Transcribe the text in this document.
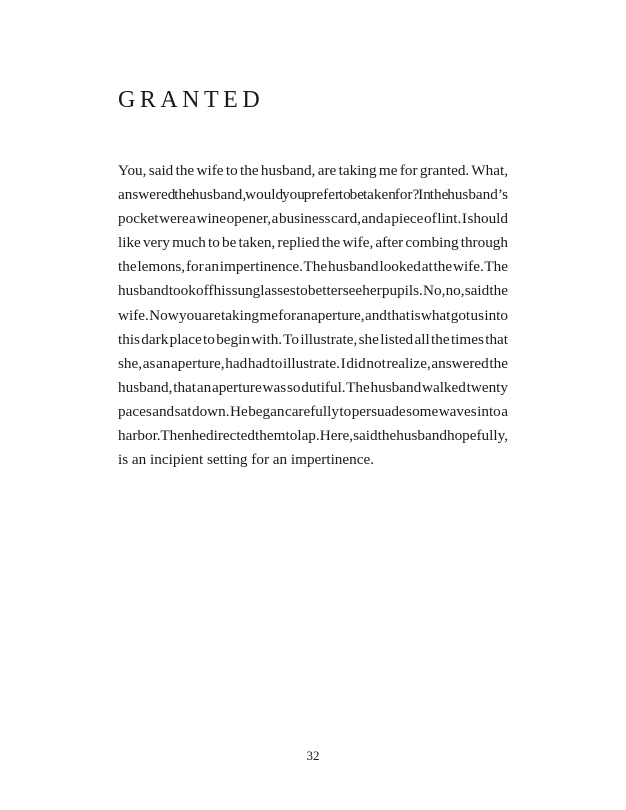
GRANTED
You, said the wife to the husband, are taking me for granted. What,
answered the husband, would you prefer to be taken for? In the husband’s
pocket were a wine opener, a business card, and a piece of lint. I should
like very much to be taken, replied the wife, after combing through
the lemons, for an impertinence. The husband looked at the wife. The
husband took off his sunglasses to better see her pupils. No, no, said the
wife. Now you are taking me for an aperture, and that is what got us into
this dark place to begin with. To illustrate, she listed all the times that
she, as an aperture, had had to illustrate. I did not realize, answered the
husband, that an aperture was so dutiful. The husband walked twenty
paces and sat down. He began carefully to persuade some waves into a
harbor. Then he directed them to lap. Here, said the husband hopefully,
is an incipient setting for an impertinence.
32
